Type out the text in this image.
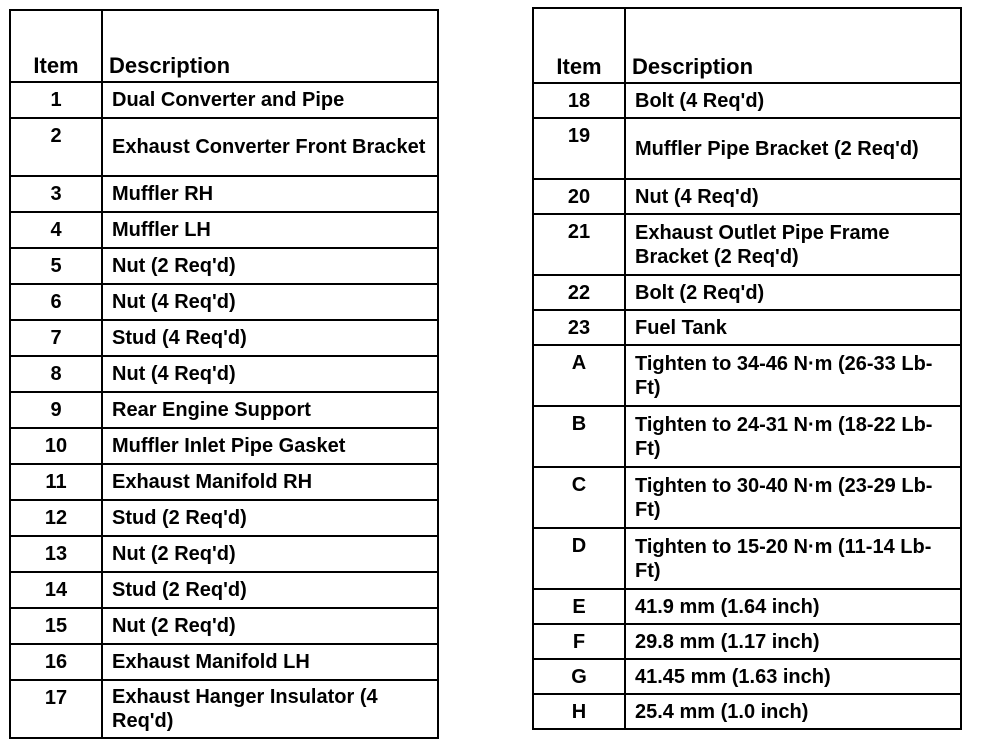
Item	Description
1	Dual Converter and Pipe
2	Exhaust Converter Front Bracket
3	Muffler RH
4	Muffler LH
5	Nut (2 Req'd)
6	Nut (4 Req'd)
7	Stud (4 Req'd)
8	Nut (4 Req'd)
9	Rear Engine Support
10	Muffler Inlet Pipe Gasket
11	Exhaust Manifold RH
12	Stud (2 Req'd)
13	Nut (2 Req'd)
14	Stud (2 Req'd)
15	Nut (2 Req'd)
16	Exhaust Manifold LH
17	Exhaust Hanger Insulator (4 Req'd)
Item	Description
18	Bolt (4 Req'd)
19	Muffler Pipe Bracket (2 Req'd)
20	Nut (4 Req'd)
21	Exhaust Outlet Pipe Frame Bracket (2 Req'd)
22	Bolt (2 Req'd)
23	Fuel Tank
A	Tighten to 34-46 N·m (26-33 Lb-Ft)
B	Tighten to 24-31 N·m (18-22 Lb-Ft)
C	Tighten to 30-40 N·m (23-29 Lb-Ft)
D	Tighten to 15-20 N·m (11-14 Lb-Ft)
E	41.9 mm (1.64 inch)
F	29.8 mm (1.17 inch)
G	41.45 mm (1.63 inch)
H	25.4 mm (1.0 inch)
